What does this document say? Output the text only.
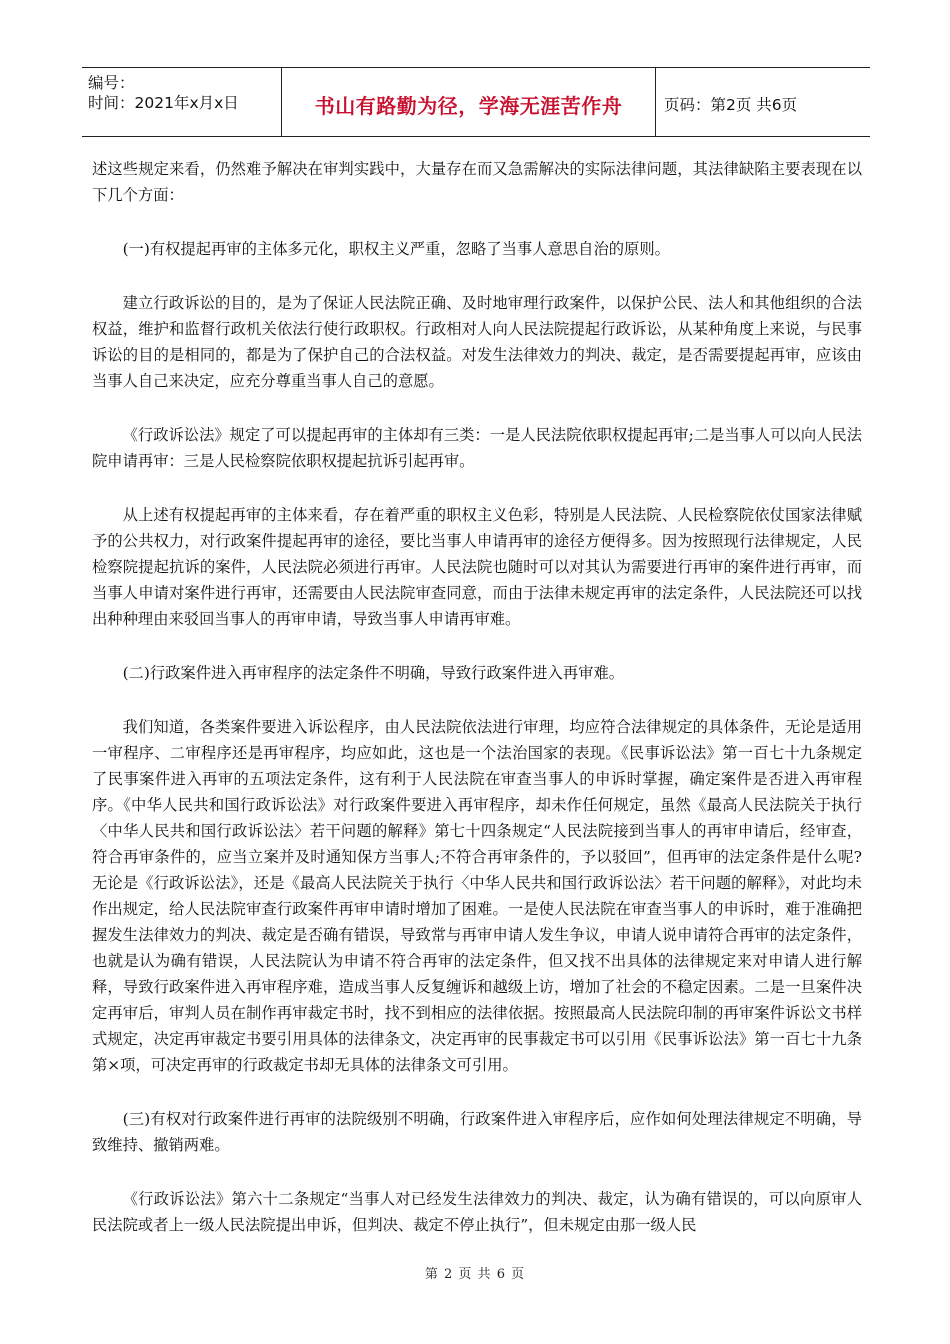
编号：
时间：2021年x月x日	书山有路勤为径，学海无涯苦作舟	页码：第2页 共6页

述这些规定来看，仍然难予解决在审判实践中，大量存在而又急需解决的实际法律问题，其法律缺陷主要表现在以下几个方面：

(一)有权提起再审的主体多元化，职权主义严重，忽略了当事人意思自治的原则。

建立行政诉讼的目的，是为了保证人民法院正确、及时地审理行政案件，以保护公民、法人和其他组织的合法权益，维护和监督行政机关依法行使行政职权。行政相对人向人民法院提起行政诉讼，从某种角度上来说，与民事诉讼的目的是相同的，都是为了保护自己的合法权益。对发生法律效力的判决、裁定，是否需要提起再审，应该由当事人自己来决定，应充分尊重当事人自己的意愿。

《行政诉讼法》规定了可以提起再审的主体却有三类：一是人民法院依职权提起再审;二是当事人可以向人民法院申请再审：三是人民检察院依职权提起抗诉引起再审。

从上述有权提起再审的主体来看，存在着严重的职权主义色彩，特别是人民法院、人民检察院依仗国家法律赋予的公共权力，对行政案件提起再审的途径，要比当事人申请再审的途径方便得多。因为按照现行法律规定，人民检察院提起抗诉的案件，人民法院必须进行再审。人民法院也随时可以对其认为需要进行再审的案件进行再审，而当事人申请对案件进行再审，还需要由人民法院审查同意，而由于法律未规定再审的法定条件，人民法院还可以找出种种理由来驳回当事人的再审申请，导致当事人申请再审难。

(二)行政案件进入再审程序的法定条件不明确，导致行政案件进入再审难。

我们知道，各类案件要进入诉讼程序，由人民法院依法进行审理，均应符合法律规定的具体条件，无论是适用一审程序、二审程序还是再审程序，均应如此，这也是一个法治国家的表现。《民事诉讼法》第一百七十九条规定了民事案件进入再审的五项法定条件，这有利于人民法院在审查当事人的申诉时掌握，确定案件是否进入再审程序。《中华人民共和国行政诉讼法》对行政案件要进入再审程序，却未作任何规定，虽然《最高人民法院关于执行〈中华人民共和国行政诉讼法〉若干问题的解释》第七十四条规定“人民法院接到当事人的再审申请后，经审查，符合再审条件的，应当立案并及时通知保方当事人;不符合再审条件的，予以驳回”，但再审的法定条件是什么呢?无论是《行政诉讼法》，还是《最高人民法院关于执行〈中华人民共和国行政诉讼法〉若干问题的解释》，对此均未作出规定，给人民法院审查行政案件再审申请时增加了困难。一是使人民法院在审查当事人的申诉时，难于准确把握发生法律效力的判决、裁定是否确有错误，导致常与再审申请人发生争议，申请人说申请符合再审的法定条件，也就是认为确有错误，人民法院认为申请不符合再审的法定条件，但又找不出具体的法律规定来对申请人进行解释，导致行政案件进入再审程序难，造成当事人反复缠诉和越级上访，增加了社会的不稳定因素。二是一旦案件决定再审后，审判人员在制作再审裁定书时，找不到相应的法律依据。按照最高人民法院印制的再审案件诉讼文书样式规定，决定再审裁定书要引用具体的法律条文，决定再审的民事裁定书可以引用《民事诉讼法》第一百七十九条第×项，可决定再审的行政裁定书却无具体的法律条文可引用。

(三)有权对行政案件进行再审的法院级别不明确，行政案件进入审程序后，应作如何处理法律规定不明确，导致维持、撤销两难。

《行政诉讼法》第六十二条规定“当事人对已经发生法律效力的判决、裁定，认为确有错误的，可以向原审人民法院或者上一级人民法院提出申诉，但判决、裁定不停止执行”，但未规定由那一级人民

第 2 页 共 6 页
